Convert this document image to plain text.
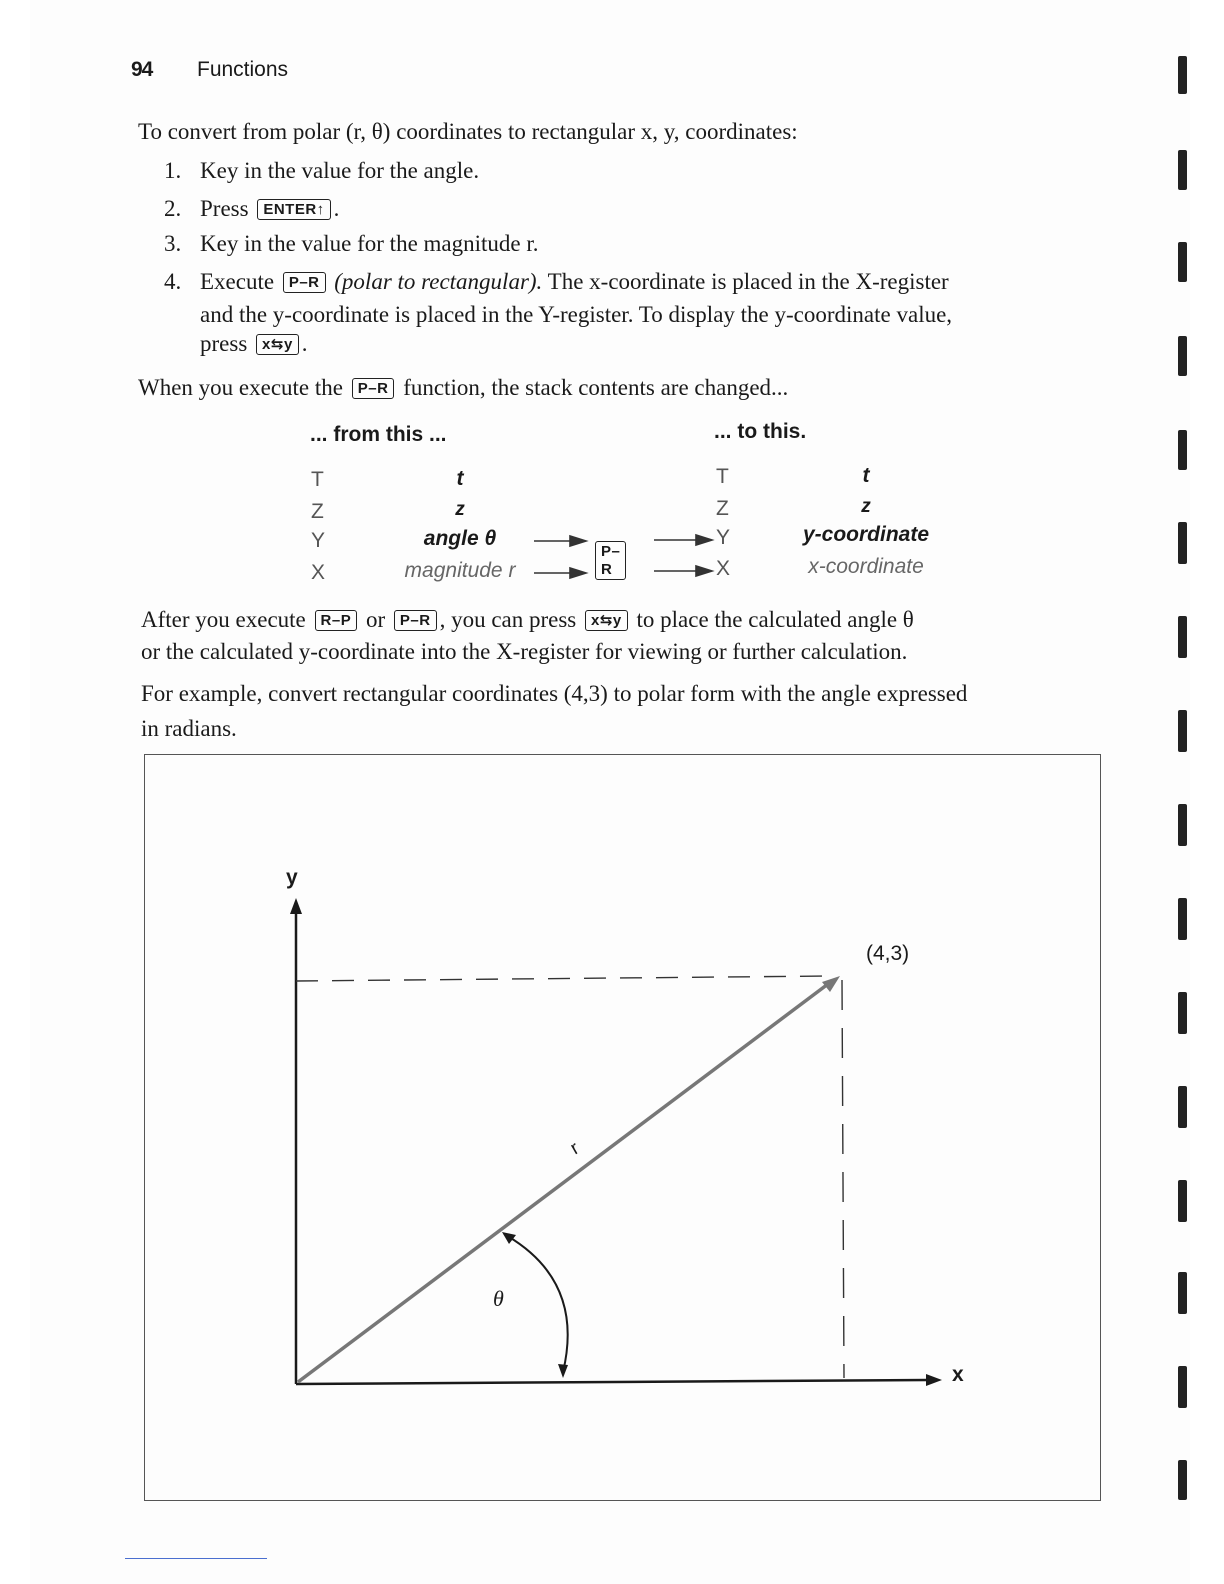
94 Functions
To convert from polar (r, θ) coordinates to rectangular x, y, coordinates:
1. Key in the value for the angle.
2. Press ENTER↑ .
3. Key in the value for the magnitude r.
4. Execute P–R (polar to rectangular). The x-coordinate is placed in the X-register
and the y-coordinate is placed in the Y-register. To display the y-coordinate value,
press x⇆y .
When you execute the P–R function, the stack contents are changed...
... from this ...	... to this.
T
Z
Y
X
t
z
angle θ
magnitude r
T
Z
Y
X
t
z
y-coordinate
x-coordinate
P–R
After you execute R–P or P–R , you can press x⇆y to place the calculated angle θ
or the calculated y-coordinate into the X-register for viewing or further calculation.
For example, convert rectangular coordinates (4,3) to polar form with the angle expressed
in radians.
y
x
(4,3)
r
θ
